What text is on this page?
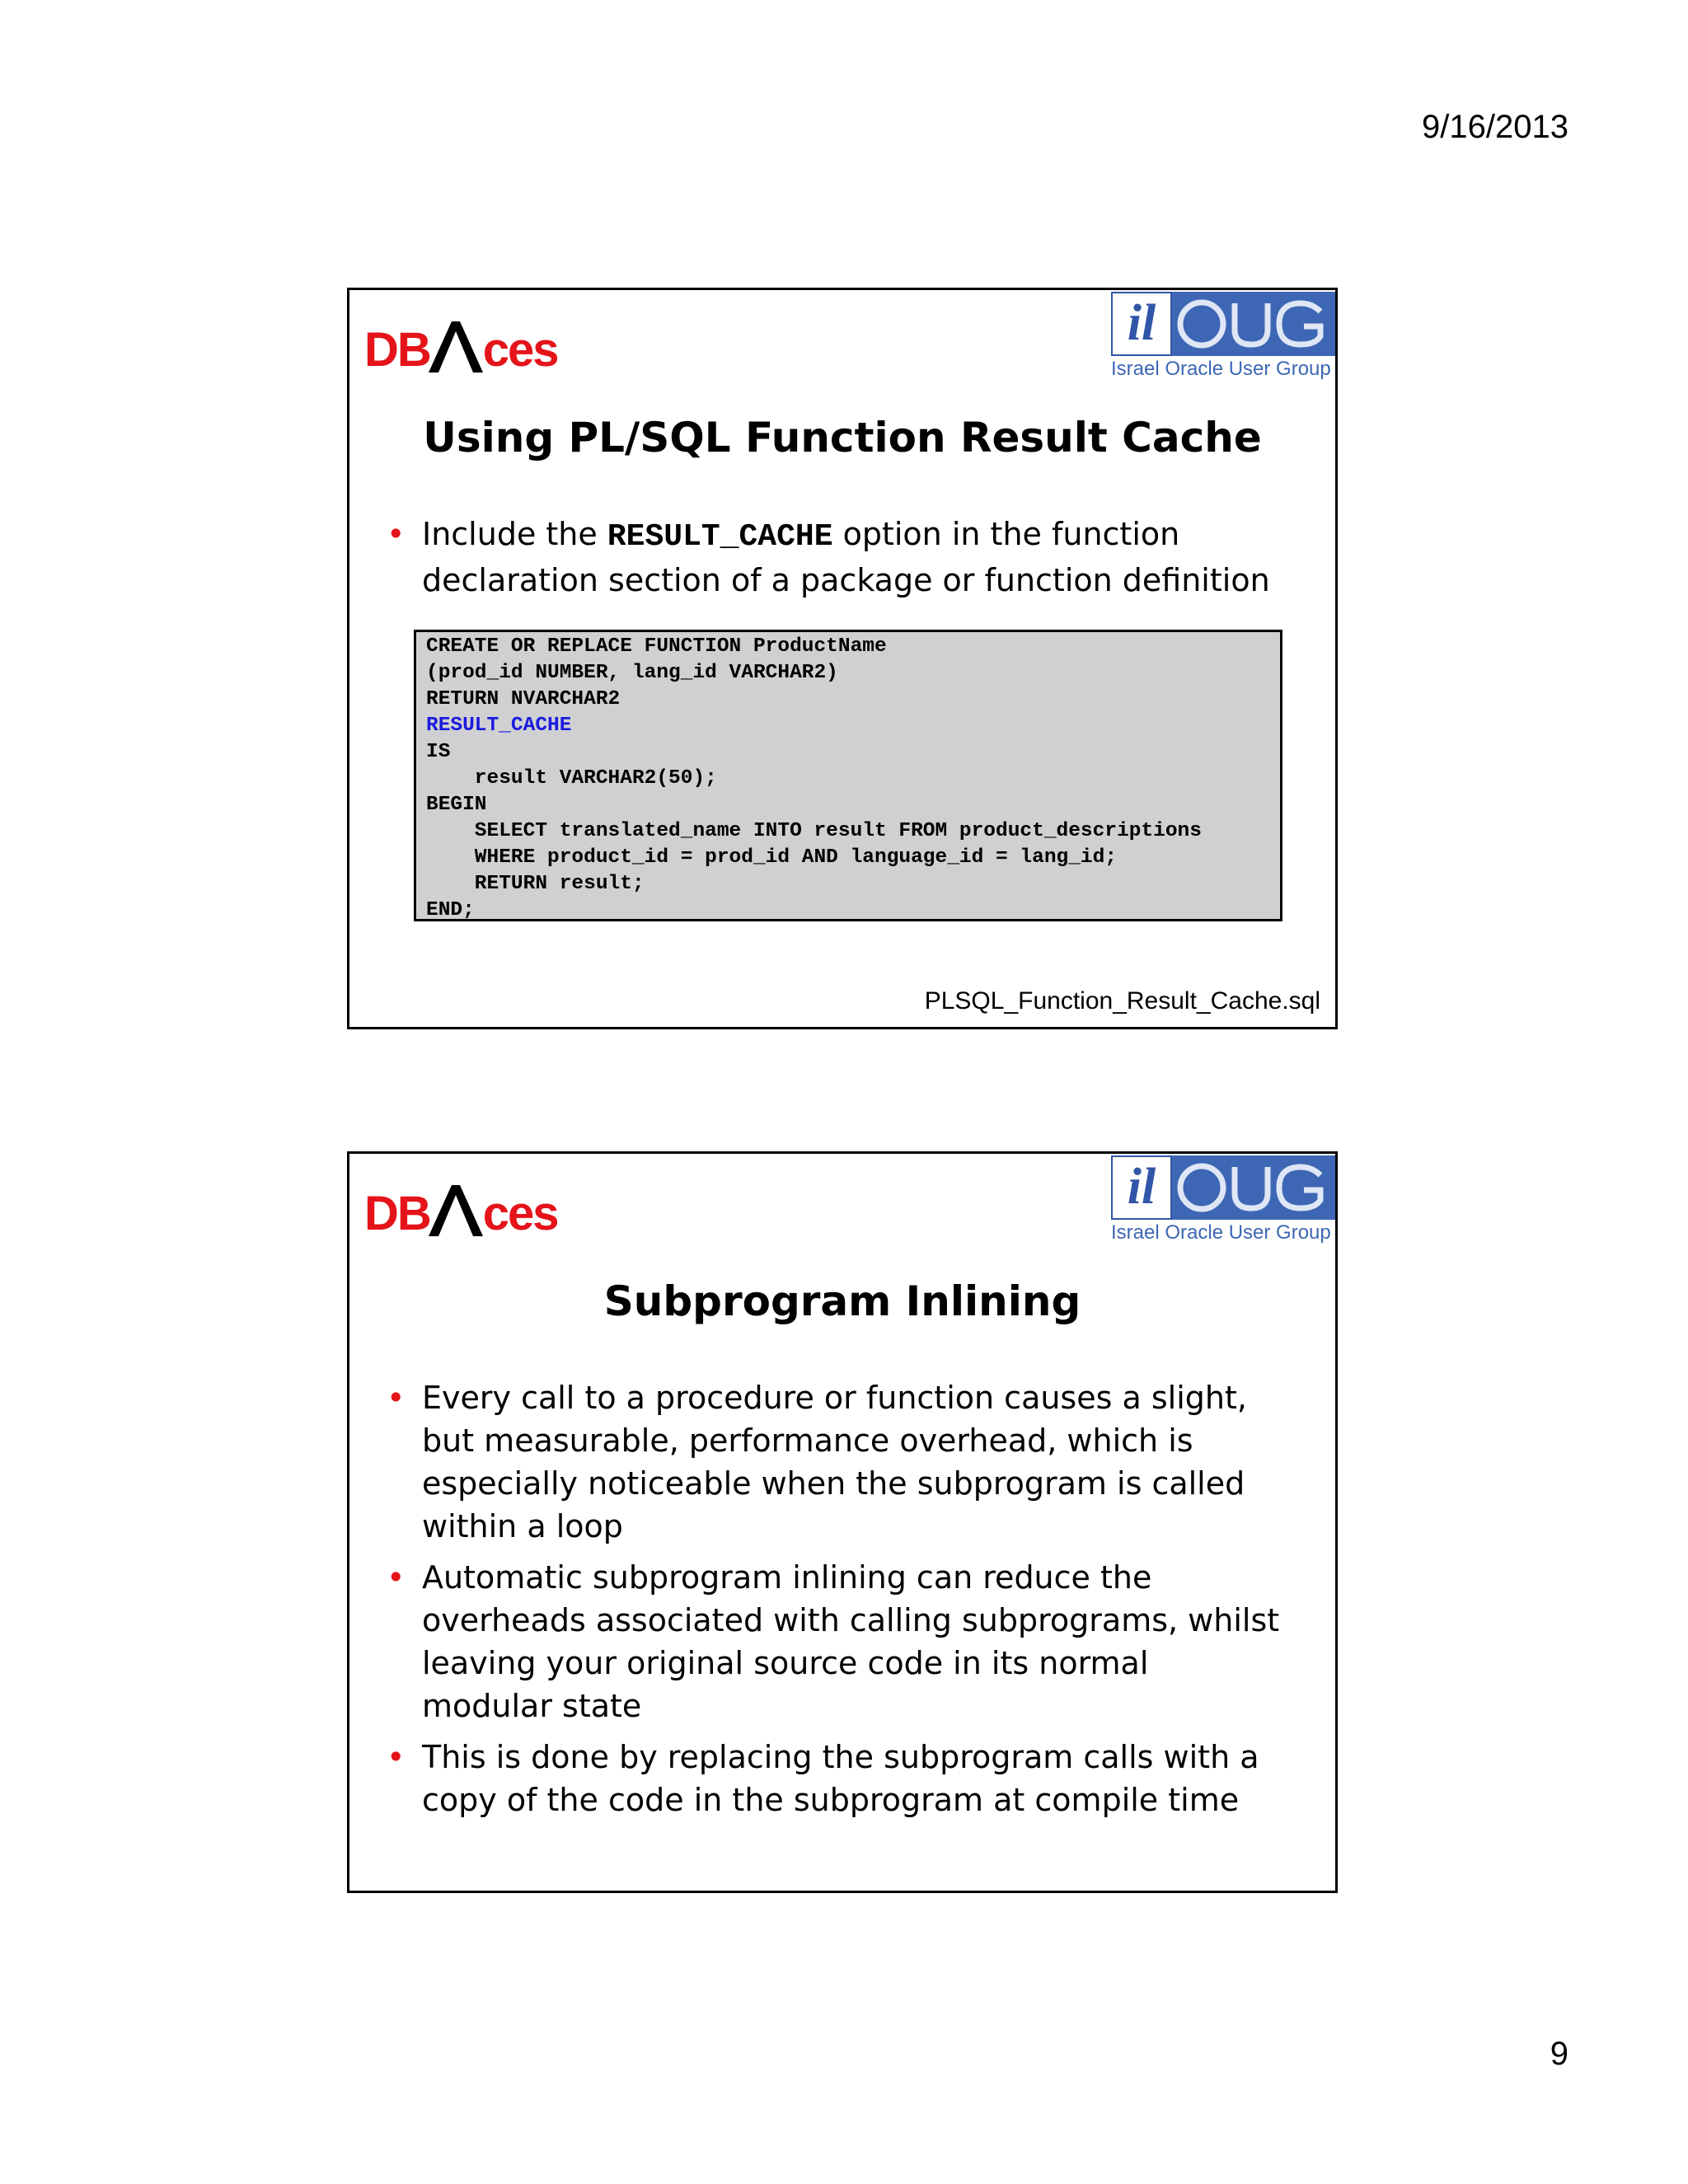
9/16/2013
DB ces	il
Israel Oracle User Group
Using PL/SQL Function Result Cache
• Include the RESULT_CACHE option in the function declaration section of a package or function definition
CREATE OR REPLACE FUNCTION ProductName
(prod_id NUMBER, lang_id VARCHAR2)
RETURN NVARCHAR2
RESULT_CACHE
IS
result VARCHAR2(50);
BEGIN
SELECT translated_name INTO result FROM product_descriptions
WHERE product_id = prod_id AND language_id = lang_id;
RETURN result;
END;
PLSQL_Function_Result_Cache.sql
DB ces	il
Israel Oracle User Group
Subprogram Inlining
• Every call to a procedure or function causes a slight, but measurable, performance overhead, which is especially noticeable when the subprogram is called within a loop
• Automatic subprogram inlining can reduce the overheads associated with calling subprograms, whilst leaving your original source code in its normal modular state
• This is done by replacing the subprogram calls with a copy of the code in the subprogram at compile time
9
